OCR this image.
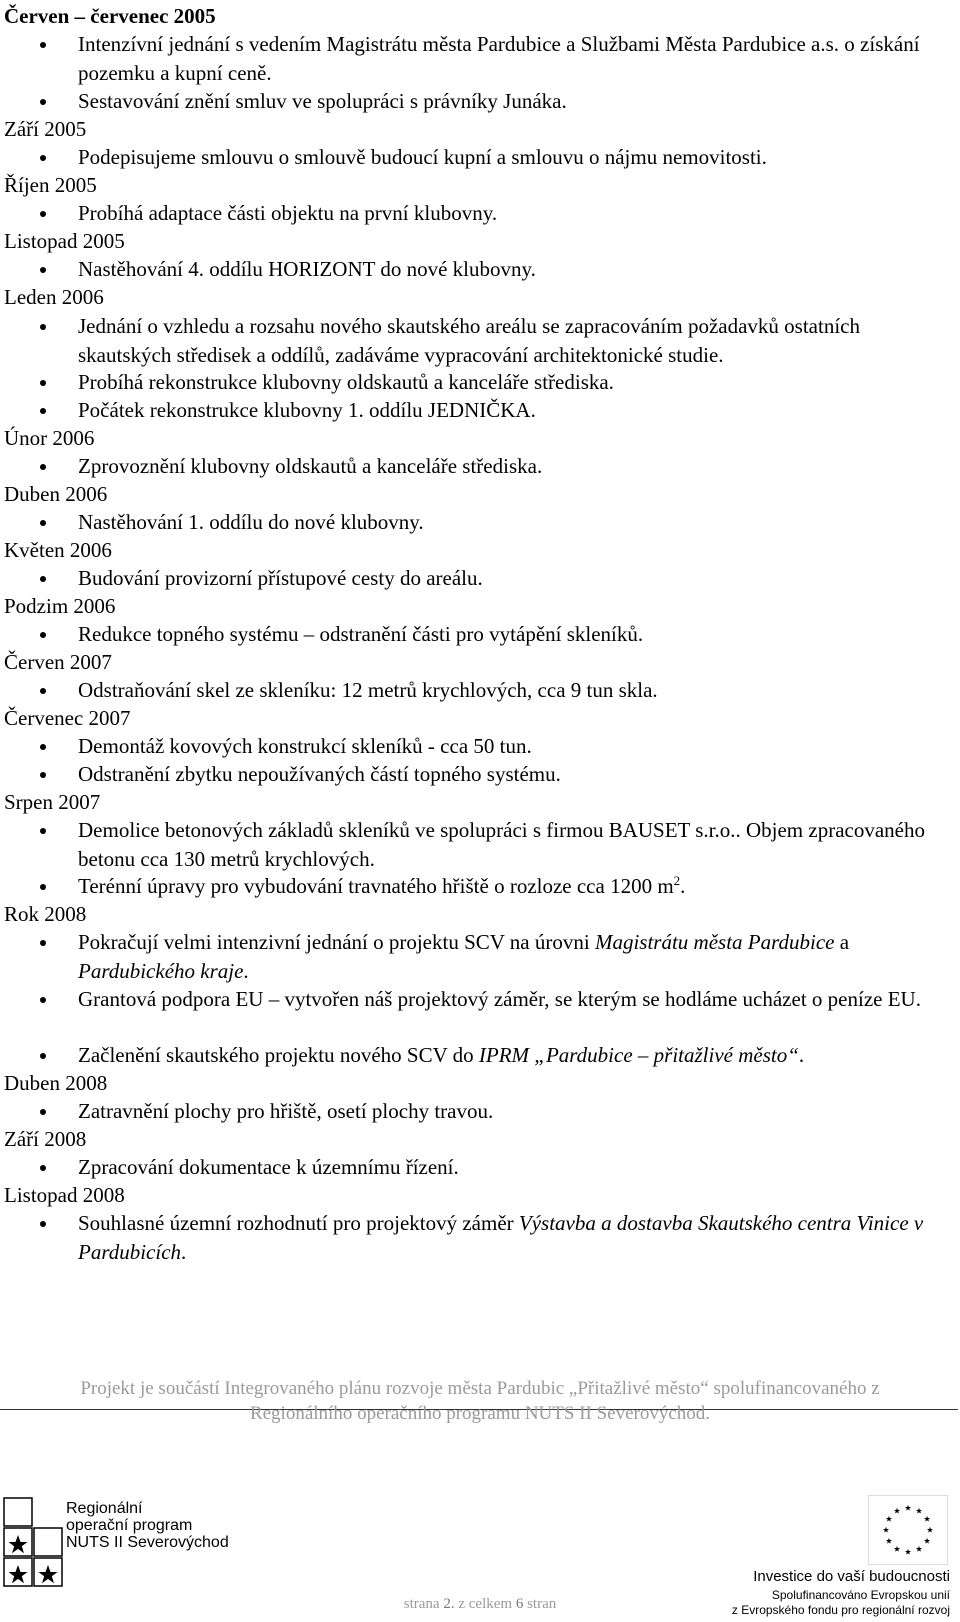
Červen – červenec 2005
Intenzívní jednání s vedením Magistrátu města Pardubice a Službami Města Pardubice a.s. o získání pozemku a kupní ceně.
Sestavování znění smluv ve spolupráci s právníky Junáka.
Září 2005
Podepisujeme smlouvu o smlouvě budoucí kupní a smlouvu o nájmu nemovitosti.
Říjen 2005
Probíhá adaptace části objektu na první klubovny.
Listopad 2005
Nastěhování 4. oddílu HORIZONT do nové klubovny.
Leden 2006
Jednání o vzhledu a rozsahu nového skautského areálu se zapracováním požadavků ostatních skautských středisek a oddílů, zadáváme vypracování architektonické studie.
Probíhá rekonstrukce klubovny oldskautů a kanceláře střediska.
Počátek rekonstrukce klubovny 1. oddílu JEDNIČKA.
Únor 2006
Zprovoznění klubovny oldskautů a kanceláře střediska.
Duben 2006
Nastěhování 1. oddílu do nové klubovny.
Květen 2006
Budování provizorní přístupové cesty do areálu.
Podzim 2006
Redukce topného systému – odstranění části pro vytápění skleníků.
Červen 2007
Odstraňování skel ze skleníku: 12 metrů krychlových, cca 9 tun skla.
Červenec 2007
Demontáž kovových konstrukcí skleníků - cca 50 tun.
Odstranění zbytku nepoužívaných částí topného systému.
Srpen 2007
Demolice betonových základů skleníků ve spolupráci s firmou BAUSET s.r.o.. Objem zpracovaného betonu cca 130 metrů krychlových.
Terénní úpravy pro vybudování travnatého hřiště o rozloze cca 1200 $m^2$.
Rok 2008
Pokračují velmi intenzivní jednání o projektu SCV na úrovni Magistrátu města Pardubice a Pardubického kraje.
Grantová podpora EU – vytvořen náš projektový záměr, se kterým se hodláme ucházet o peníze EU.
Začlenění skautského projektu nového SCV do IPRM „Pardubice – přitažlivé město“.
Duben 2008
Zatravnění plochy pro hřiště, osetí plochy travou.
Září 2008
Zpracování dokumentace k územnímu řízení.
Listopad 2008
Souhlasné územní rozhodnutí pro projektový záměr Výstavba a dostavba Skautského centra Vinice v Pardubicích.
Projekt je součástí Integrovaného plánu rozvoje města Pardubic „Přitažlivé město“ spolufinancovaného z
Regionálního operačního programu NUTS II Severovýchod.
Regionální
operační program
NUTS II Severovýchod
Investice do vaší budoucnosti
Spolufinancováno Evropskou unií
z Evropského fondu pro regionální rozvoj
strana 2. z celkem 6 stran
